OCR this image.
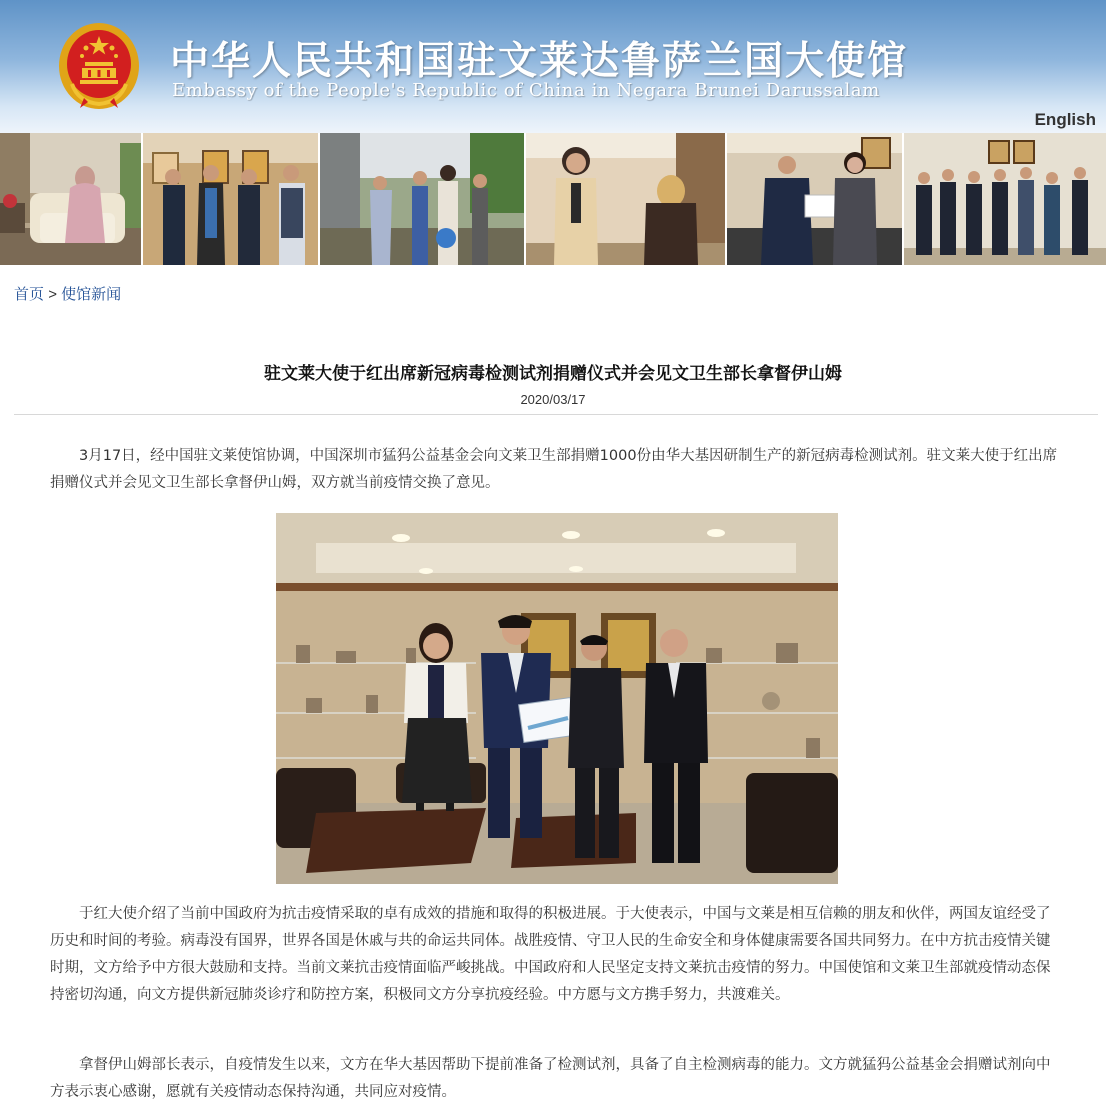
中华人民共和国驻文莱达鲁萨兰国大使馆
Embassy of the People's Republic of China in Negara Brunei Darussalam
English
首页 > 使馆新闻
驻文莱大使于红出席新冠病毒检测试剂捐赠仪式并会见文卫生部长拿督伊山姆
2020/03/17

3月17日，经中国驻文莱使馆协调，中国深圳市猛犸公益基金会向文莱卫生部捐赠1000份由华大基因研制生产的新冠病毒检测试剂。驻文莱大使于红出席捐赠仪式并会见文卫生部长拿督伊山姆，双方就当前疫情交换了意见。

于红大使介绍了当前中国政府为抗击疫情采取的卓有成效的措施和取得的积极进展。于大使表示，中国与文莱是相互信赖的朋友和伙伴，两国友谊经受了历史和时间的考验。病毒没有国界，世界各国是休戚与共的命运共同体。战胜疫情、守卫人民的生命安全和身体健康需要各国共同努力。在中方抗击疫情关键时期，文方给予中方很大鼓励和支持。当前文莱抗击疫情面临严峻挑战。中国政府和人民坚定支持文莱抗击疫情的努力。中国使馆和文莱卫生部就疫情动态保持密切沟通，向文方提供新冠肺炎诊疗和防控方案，积极同文方分享抗疫经验。中方愿与文方携手努力，共渡难关。

拿督伊山姆部长表示，自疫情发生以来，文方在华大基因帮助下提前准备了检测试剂，具备了自主检测病毒的能力。文方就猛犸公益基金会捐赠试剂向中方表示衷心感谢，愿就有关疫情动态保持沟通，共同应对疫情。
